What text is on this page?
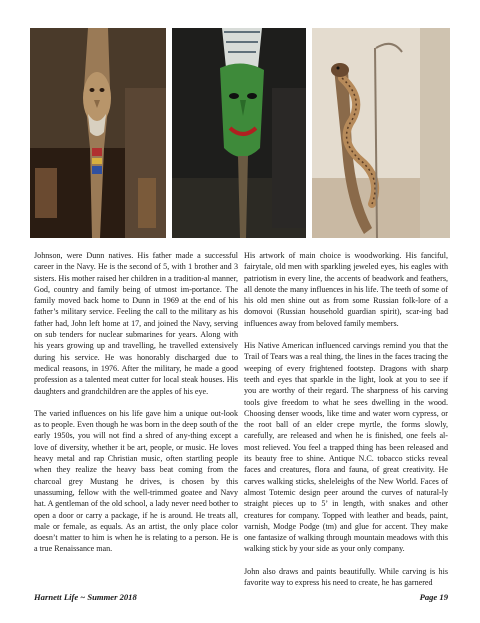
Johnson, were Dunn natives. His father made a successful career in the Navy. He is the second of 5, with 1 brother and 3 sisters. His mother raised her children in a tradition-al manner, God, country and family being of utmost im-portance. The family moved back home to Dunn in 1969 at the end of his father’s military service. Feeling the call to the military as his father had, John left home at 17, and joined the Navy, serving on sub tenders for nuclear submarines for years. Along with his years growing up and travelling, he travelled extensively during his service. He was honorably discharged due to medical reasons, in 1976. After the military, he made a good profession as a talented meat cutter for local steak houses. His daughters and grandchildren are the apples of his eye.

The varied influences on his life gave him a unique out-look as to people. Even though he was born in the deep south of the early 1950s, you will not find a shred of any-thing except a love of diversity, whether it be art, people, or music. He loves heavy metal and rap Christian music, often startling people when they realize the heavy bass beat coming from the charcoal grey Mustang he drives, is chosen by this unassuming, fellow with the well-trimmed goatee and Navy hat. A gentleman of the old school, a lady never need bother to open a door or carry a package, if he is around. He treats all, male or female, as equals. As an artist, the only place color doesn’t matter to him is when he is relating to a person. He is a true Renaissance man.

His artwork of main choice is woodworking. His fanciful, fairytale, old men with sparkling jeweled eyes, his eagles with patriotism in every line, the accents of beadwork and feathers, all denote the many influences in his life. The teeth of some of his old men shine out as from some Russian folk-lore of a domovoi (Russian household guardian spirit), scar-ing bad influences away from beloved family members.

His Native American influenced carvings remind you that the Trail of Tears was a real thing, the lines in the faces tracing the weeping of every frightened footstep. Dragons with sharp teeth and eyes that sparkle in the light, look at you to see if you are worthy of their regard. The sharpness of his carving tools give freedom to what he sees dwelling in the wood. Choosing denser woods, like time and water worn cypress, or the root ball of an elder crepe myrtle, the forms slowly, carefully, are released and when he is finished, one feels al-most relieved. You feel a trapped thing has been released and its beauty free to shine. Antique N.C. tobacco sticks reveal faces and creatures, flora and fauna, of great creativity. He carves walking sticks, sheleleighs of the New World. Faces of almost Totemic design peer around the curves of natural-ly straight pieces up to 5’ in length, with snakes and other creatures for company. Topped with leather and beads, paint, varnish, Modge Podge (tm) and glue for accent. They make one fantasize of walking through mountain meadows with this walking stick by your side as your only company.

John also draws and paints beautifully. While carving is his favorite way to express his need to create, he has garnered

Harnett Life ~ Summer 2018	Page 19
